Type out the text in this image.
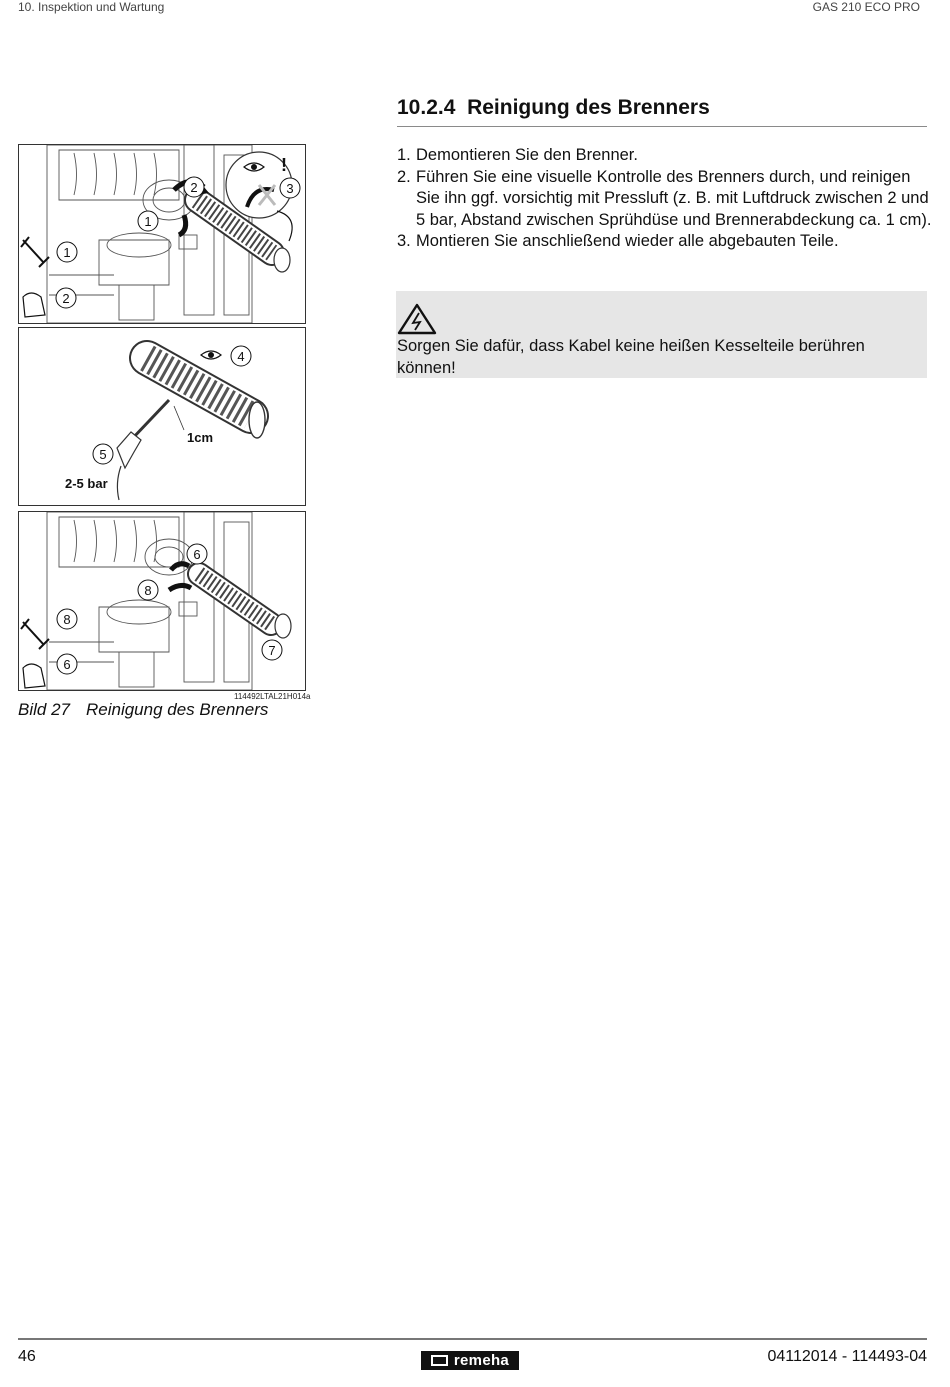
10. Inspektion und Wartung	GAS 210 ECO PRO
10.2.4 Reinigung des Brenners
1. Demontieren Sie den Brenner.
2. Führen Sie eine visuelle Kontrolle des Brenners durch, und reinigen Sie ihn ggf. vorsichtig mit Pressluft (z. B. mit Luftdruck zwischen 2 und 5 bar, Abstand zwischen Sprühdüse und Brennerabdeckung ca. 1 cm).
3. Montieren Sie anschließend wieder alle abgebauten Teile.
Sorgen Sie dafür, dass Kabel keine heißen Kesselteile berühren können!
!
1
2
1
2	3
4
5
1cm
2-5 bar
6
8
8
6
7
114492LTAL21H014a
Bild 27 Reinigung des Brenners
46	remeha	04112014 - 114493-04
